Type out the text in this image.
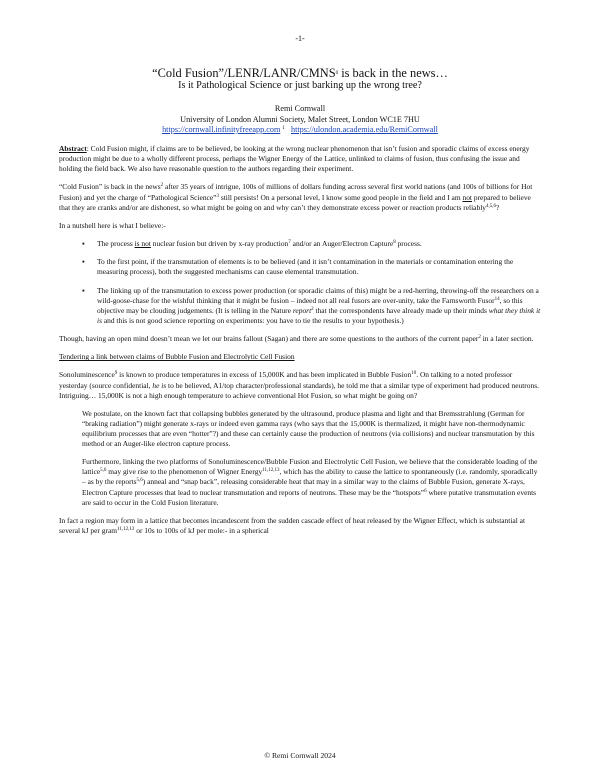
-1-
“Cold Fusion”/LENR/LANR/CMNS$^0$ is back in the news…
Is it Pathological Science or just barking up the wrong tree?
Remi Cornwall
University of London Alumni Society, Malet Street, London WC1E 7HU
https://cornwall.infinityfreeapp.com $^1$ https://ulondon.academia.edu/RemiCornwall

Abstract: Cold Fusion might, if claims are to be believed, be looking at the wrong nuclear phenomenon that isn’t fusion and sporadic claims of excess energy production might be due to a wholly different process, perhaps the Wigner Energy of the Lattice, unlinked to claims of fusion, thus confusing the issue and holding the field back. We also have reasonable question to the authors regarding their experiment.

“Cold Fusion” is back in the news$^2$ after 35 years of intrigue, 100s of millions of dollars funding across several first world nations (and 100s of billions for Hot Fusion) and yet the charge of “Pathological Science”$^3$ still persists! On a personal level, I know some good people in the field and I am not prepared to believe that they are cranks and/or are dishonest, so what might be going on and why can’t they demonstrate excess power or reaction products reliably$^{4,5,6}$?

In a nutshell here is what I believe:-

▪ The process is not nuclear fusion but driven by x-ray production$^7$ and/or an Auger/Electron Capture$^8$ process.
▪ To the first point, if the transmutation of elements is to be believed (and it isn’t contamination in the materials or contamination entering the measuring process), both the suggested mechanisms can cause elemental transmutation.
▪ The linking up of the transmutation to excess power production (or sporadic claims of this) might be a red-herring, throwing-off the researchers on a wild-goose-chase for the wishful thinking that it might be fusion – indeed not all real fusors are over-unity, take the Farnsworth Fusor$^{14}$, so this objective may be clouding judgements. (It is telling in the Nature report$^2$ that the correspondents have already made up their minds what they think it is and this is not good science reporting on experiments: you have to tie the results to your hypothesis.)

Though, having an open mind doesn’t mean we let our brains fallout (Sagan) and there are some questions to the authors of the current paper$^2$ in a later section.

Tendering a link between claims of Bubble Fusion and Electrolytic Cell Fusion

Sonoluminescence$^9$ is known to produce temperatures in excess of 15,000K and has been implicated in Bubble Fusion$^{10}$. On talking to a noted professor yesterday (source confidential, he is to be believed, A1/top character/professional standards), he told me that a similar type of experiment had produced neutrons. Intriguing… 15,000K is not a high enough temperature to achieve conventional Hot Fusion, so what might be going on?

We postulate, on the known fact that collapsing bubbles generated by the ultrasound, produce plasma and light and that Bremsstrahlung (German for “braking radiation”) might generate x-rays or indeed even gamma rays (who says that the 15,000K is thermalized, it might have non-thermodynamic equilibrium processes that are even “hotter”?) and these can certainly cause the production of neutrons (via collisions) and nuclear transmutation by this method or an Auger-like electron capture process.

Furthermore, linking the two platforms of Sonoluminescence/Bubble Fusion and Electrolytic Cell Fusion, we believe that the considerable loading of the lattice$^{5,6}$ may give rise to the phenomenon of Wigner Energy$^{11,12,13}$, which has the ability to cause the lattice to spontaneously (i.e. randomly, sporadically – as by the reports$^{5,6}$) anneal and “snap back”, releasing considerable heat that may in a similar way to the claims of Bubble Fusion, generate X-rays, Electron Capture processes that lead to nuclear transmutation and reports of neutrons. These may be the “hotspots”$^6$ where putative transmutation events are said to occur in the Cold Fusion literature.

In fact a region may form in a lattice that becomes incandescent from the sudden cascade effect of heat released by the Wigner Effect, which is substantial at several kJ per gram$^{11,12,13}$ or 10s to 100s of kJ per mole:- in a spherical

© Remi Cornwall 2024
